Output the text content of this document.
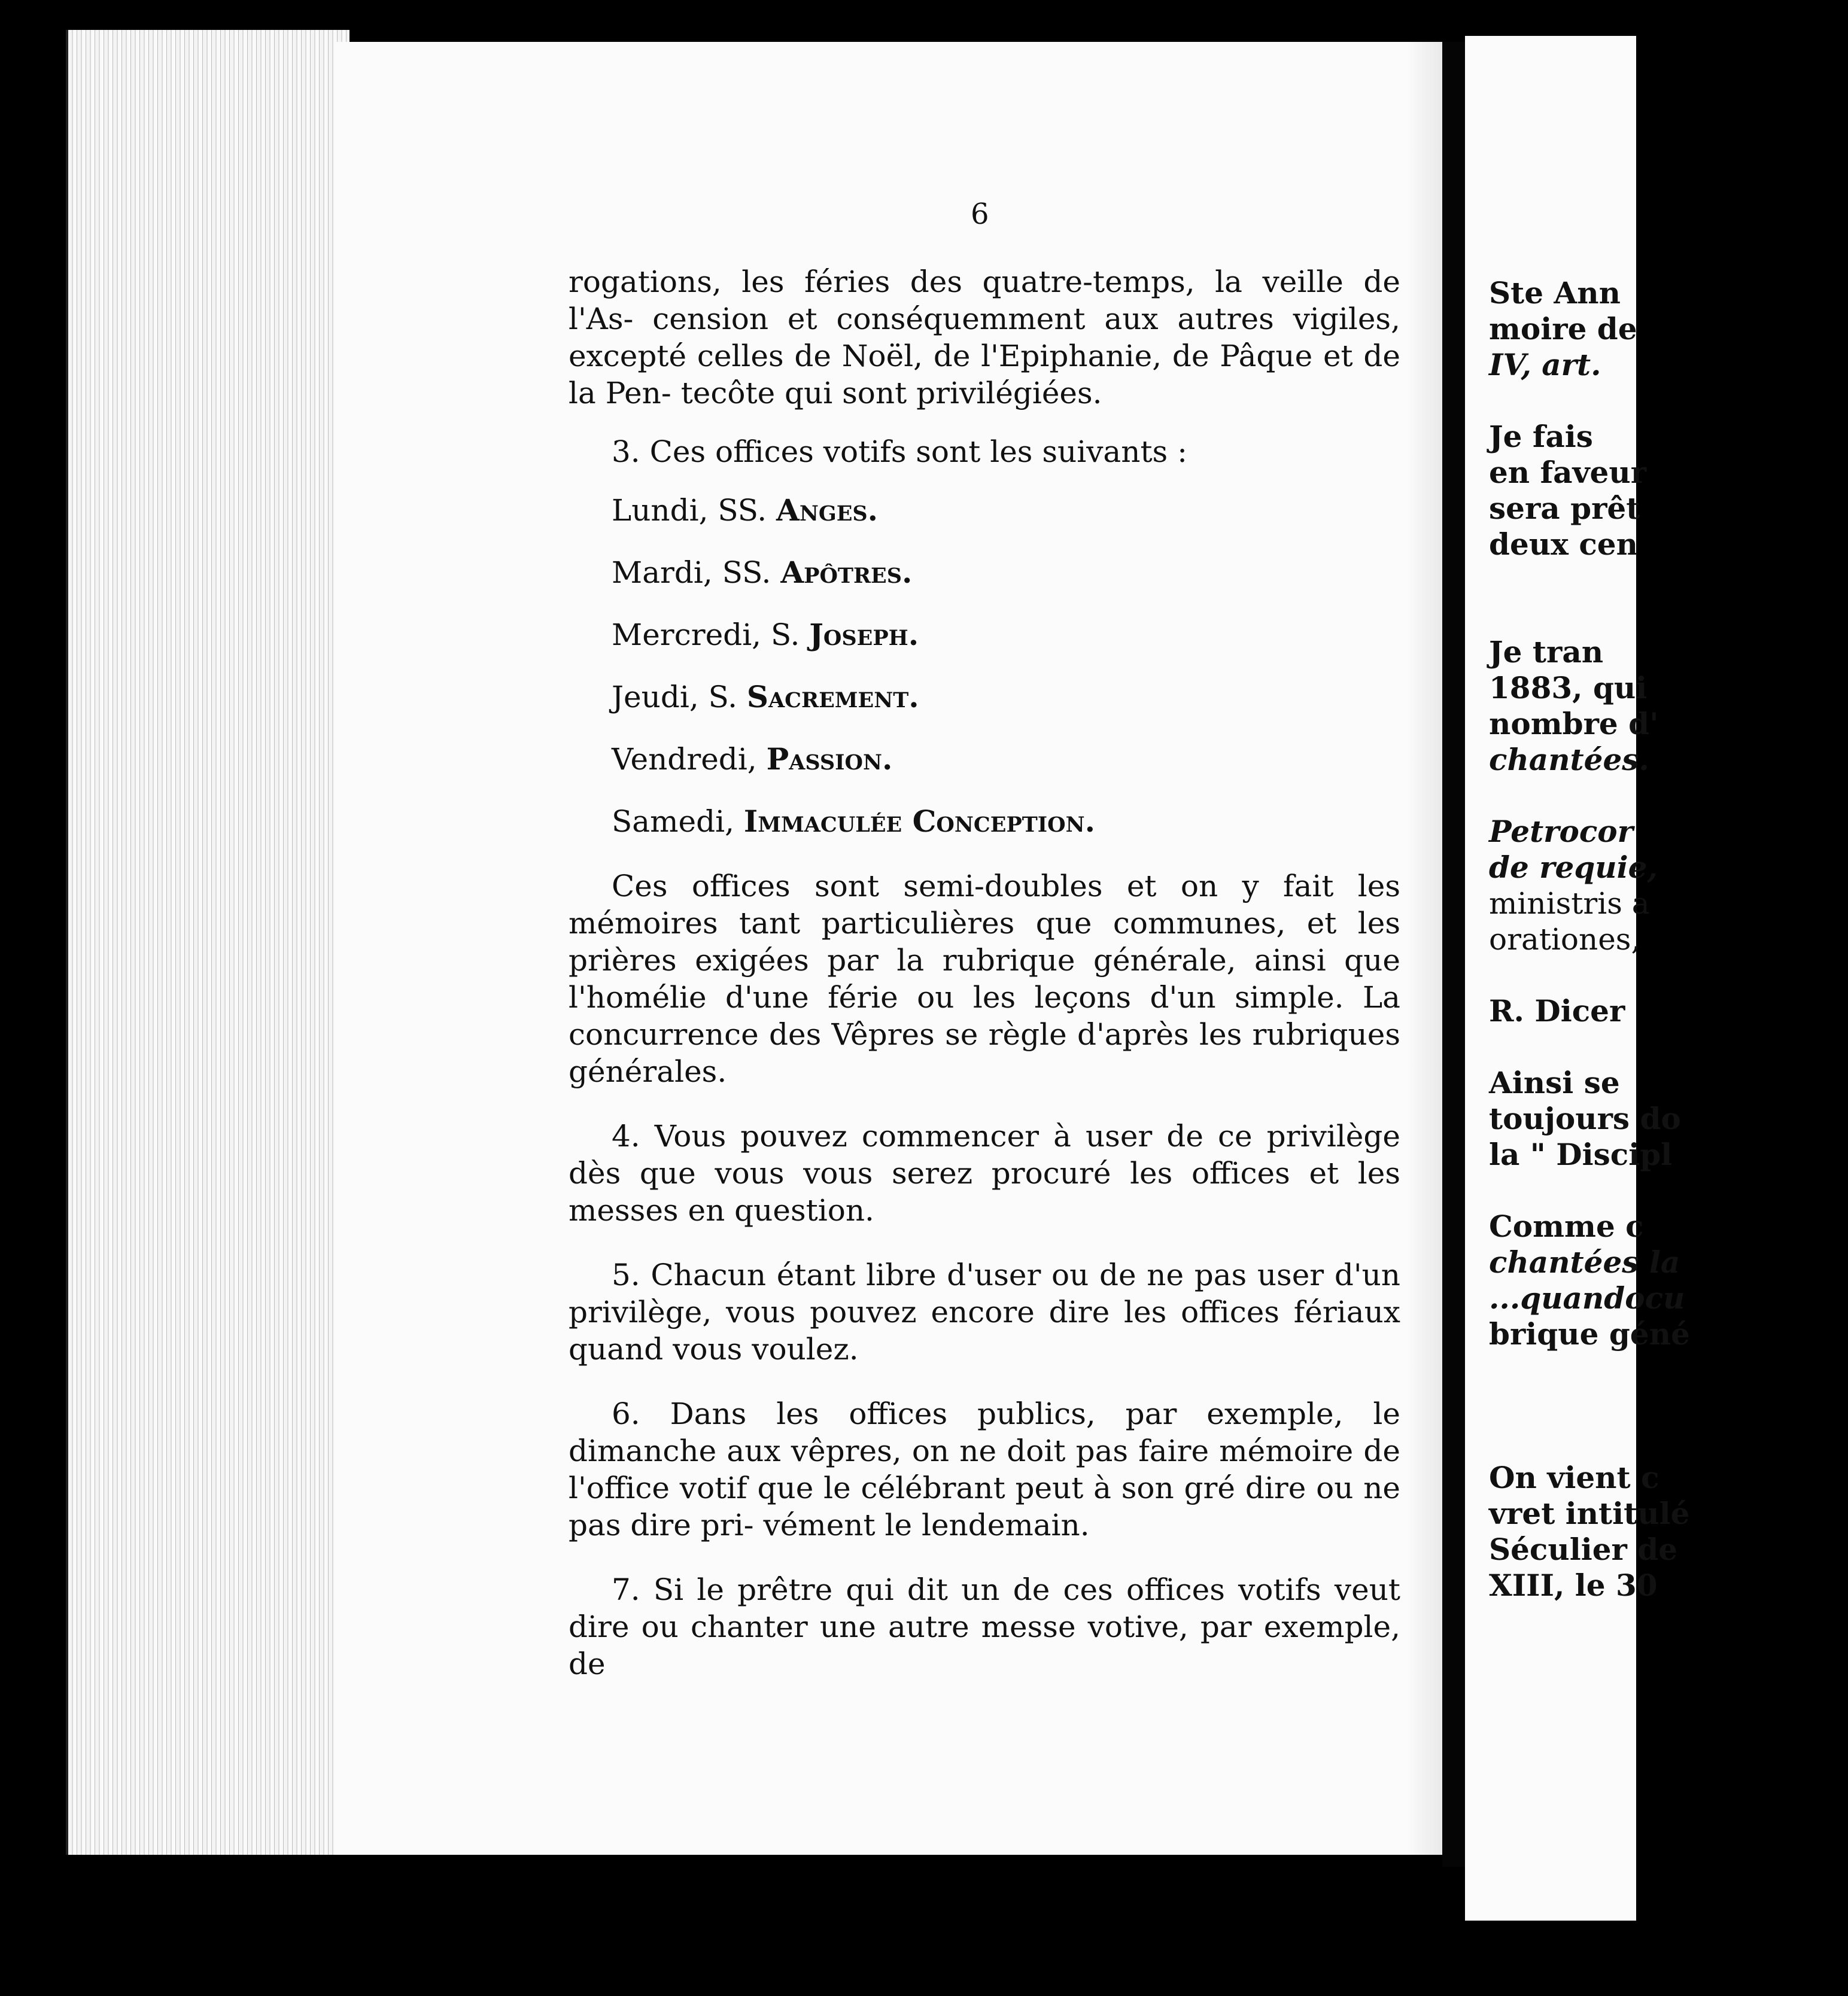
6

rogations, les féries des quatre-temps, la veille de l'As- cension et conséquemment aux autres vigiles, excepté celles de Noël, de l'Epiphanie, de Pâque et de la Pen- tecôte qui sont privilégiées.

3. Ces offices votifs sont les suivants :

Lundi, SS. Anges.

Mardi, SS. Apôtres.

Mercredi, S. Joseph.

Jeudi, S. Sacrement.

Vendredi, Passion.

Samedi, Immaculée Conception.

Ces offices sont semi-doubles et on y fait les mémoires tant particulières que communes, et les prières exigées par la rubrique générale, ainsi que l'homélie d'une férie ou les leçons d'un simple. La concurrence des Vêpres se règle d'après les rubriques générales.

4. Vous pouvez commencer à user de ce privilège dès que vous vous serez procuré les offices et les messes en question.

5. Chacun étant libre d'user ou de ne pas user d'un privilège, vous pouvez encore dire les offices fériaux quand vous voulez.

6. Dans les offices publics, par exemple, le dimanche aux vêpres, on ne doit pas faire mémoire de l'office votif que le célébrant peut à son gré dire ou ne pas dire pri- vément le lendemain.

7. Si le prêtre qui dit un de ces offices votifs veut dire ou chanter une autre messe votive, par exemple, de

Ste Ann
moire de
IV, art.

Je fais
en faveur
sera prêt
deux cen

Je tran
1883, qui
nombre d'
chantées.

Petrocor
de requie,
ministris a
orationes,

R. Dicer

Ainsi se
toujours do
la " Discipl

Comme c
chantées la
...quandocu
brique géné

On vient c
vret intitulé
Séculier de
XIII, le 30
